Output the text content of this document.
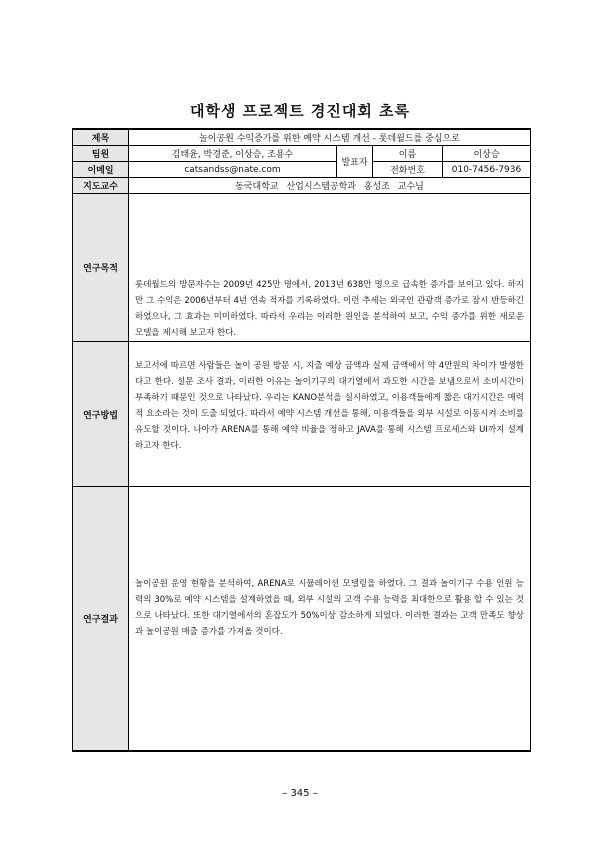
대학생 프로젝트 경진대회 초록
제목	놀이공원 수익증가를 위한 예약 시스템 개선 - 롯데월드를 중심으로			
팀원	김태윤, 박경준, 이상승, 조용수	발표자	이름	이상승
이메일	catsandss@nate.com		전화번호	010-7456-7936
지도교수	동국대학교 산업시스템공학과 홍성조 교수님			
연구목적	롯데월드의 방문자수는 2009년 425만 명에서, 2013년 638만 명으로 급속한 증가를 보이고 있다. 하지만 그 수익은 2006년부터 4년 연속 적자를 기록하였다. 이런 추세는 외국인 관광객 증가로 잠시 반등하긴 하였으나, 그 효과는 미미하였다. 따라서 우리는 이러한 원인을 분석하여 보고, 수익 증가를 위한 새로운 모델을 제시해 보고자 한다.			
연구방법	보고서에 따르면 사람들은 놀이 공원 방문 시, 지출 예상 금액과 실제 금액에서 약 4만원의 차이가 발생한다고 한다. 설문 조사 결과, 이러한 이유는 놀이기구의 대기열에서 과도한 시간을 보냄으로서 소비시간이 부족하기 때문인 것으로 나타났다. 우리는 KANO분석을 실시하였고, 이용객들에게 짧은 대기시간은 매력적 요소라는 것이 도출 되었다. 따라서 예약 시스템 개선을 통해, 이용객들을 외부 시설로 이동시켜 소비를 유도할 것이다. 나아가 ARENA를 통해 예약 비율을 정하고 JAVA를 통해 시스템 프로세스와 UI까지 설계 하고자 한다.			
연구결과	놀이공원 운영 현황을 분석하여, ARENA로 시뮬레이션 모델링을 하였다. 그 결과 놀이기구 수용 인원 능력의 30%로 예약 시스템을 설계하였을 때, 외부 시설의 고객 수용 능력을 최대한으로 활용 할 수 있는 것으로 나타났다. 또한 대기열에서의 혼잡도가 50%이상 감소하게 되었다. 이러한 결과는 고객 만족도 향상과 놀이공원 매출 증가를 가져올 것이다.			
– 345 –
